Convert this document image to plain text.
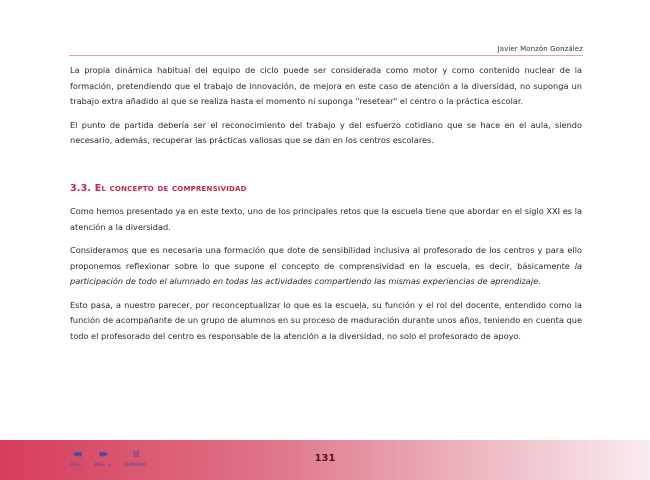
Javier Monzón González

La propia dinámica habitual del equipo de ciclo puede ser considerada como motor y como contenido nuclear de la formación, pretendiendo que el trabajo de innovación, de mejora en este caso de atención a la diversidad, no suponga un trabajo extra añadido al que se realiza hasta el momento ni suponga "resetear" el centro o la práctica escolar.

El punto de partida debería ser el reconocimiento del trabajo y del esfuerzo cotidiano que se hace en el aula, siendo necesario, además, recuperar las prácticas valiosas que se dan en los centros escolares.

3.3. El concepto de comprensividad

Como hemos presentado ya en este texto, uno de los principales retos que la escuela tiene que abordar en el siglo XXI es la atención a la diversidad.

Consideramos que es necesaria una formación que dote de sensibilidad inclusiva al profesorado de los centros y para ello proponemos reflexionar sobre lo que supone el concepto de comprensividad en la escuela, es decir, básicamente la participación de todo el alumnado en todas las actividades compartiendo las mismas experiencias de aprendizaje.

Esto pasa, a nuestro parecer, por reconceptualizar lo que es la escuela, su función y el rol del docente, entendido como la función de acompañante de un grupo de alumnos en su proceso de maduración durante unos años, teniendo en cuenta que todo el profesorado del centro es responsable de la atención a la diversidad, no solo el profesorado de apoyo.

◀◀
PÁG.
▶▶
PÁG. +
▤
SUMARIO
131
